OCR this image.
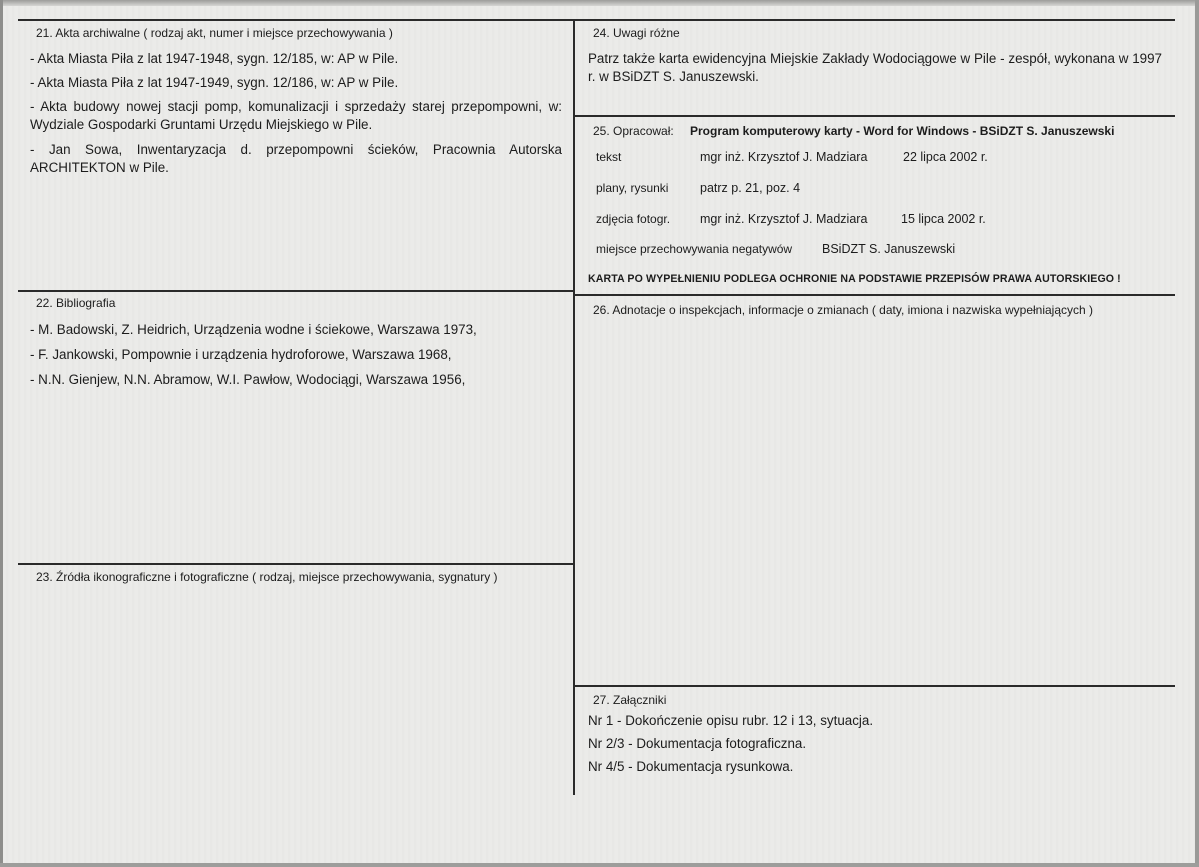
21. Akta archiwalne ( rodzaj akt, numer i miejsce przechowywania )
- Akta Miasta Piła z lat 1947-1948, sygn. 12/185, w: AP w Pile.
- Akta Miasta Piła z lat 1947-1949, sygn. 12/186, w: AP w Pile.
- Akta budowy nowej stacji pomp, komunalizacji i sprzedaży starej przepompowni, w: Wydziale Gospodarki Gruntami Urzędu Miejskiego w Pile.
- Jan Sowa, Inwentaryzacja d. przepompowni ścieków, Pracownia Autorska ARCHITEKTON w Pile.
22. Bibliografia
- M. Badowski, Z. Heidrich, Urządzenia wodne i ściekowe, Warszawa 1973,
- F. Jankowski, Pompownie i urządzenia hydroforowe, Warszawa 1968,
- N.N. Gienjew, N.N. Abramow, W.I. Pawłow, Wodociągi, Warszawa 1956,
23. Źródła ikonograficzne i fotograficzne ( rodzaj, miejsce przechowywania, sygnatury )
24. Uwagi różne
Patrz także karta ewidencyjna Miejskie Zakłady Wodociągowe w Pile - zespół, wykonana w 1997 r. w BSiDZT S. Januszewski.
25. Opracował: Program komputerowy karty - Word for Windows - BSiDZT S. Januszewski
tekst	mgr inż. Krzysztof J. Madziara	22 lipca 2002 r.
plany, rysunki	patrz p. 21, poz. 4
zdjęcia fotogr. mgr inż. Krzysztof J. Madziara	15 lipca 2002 r.
miejsce przechowywania negatywów BSiDZT S. Januszewski
KARTA PO WYPEŁNIENIU PODLEGA OCHRONIE NA PODSTAWIE PRZEPISÓW PRAWA AUTORSKIEGO !
26. Adnotacje o inspekcjach, informacje o zmianach ( daty, imiona i nazwiska wypełniających )
27. Załączniki
Nr 1 - Dokończenie opisu rubr. 12 i 13, sytuacja.
Nr 2/3 - Dokumentacja fotograficzna.
Nr 4/5 - Dokumentacja rysunkowa.
